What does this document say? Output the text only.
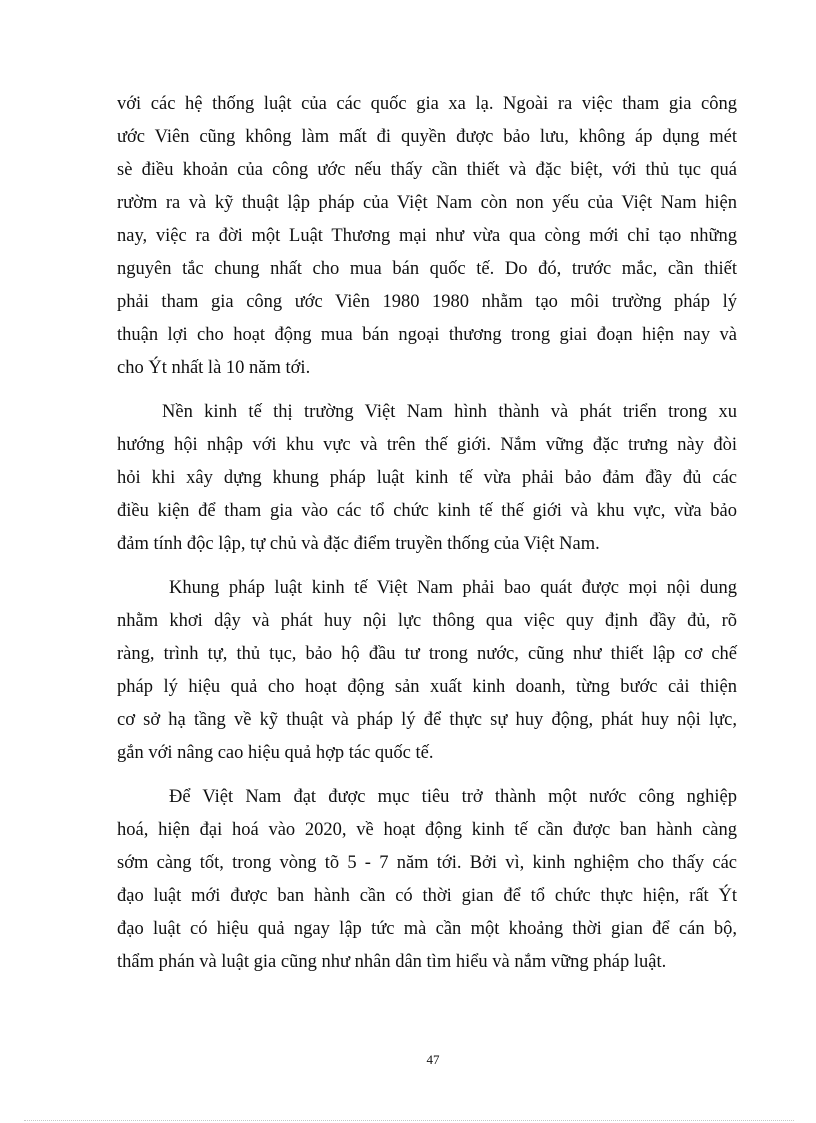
với các hệ thống luật của các quốc gia xa lạ. Ngoài ra việc tham gia công
ước Viên cũng không làm mất đi quyền được bảo lưu, không áp dụng mét
sè điều khoản của công ước nếu thấy cần thiết và đặc biệt, với thủ tục quá
rườm ra và kỹ thuật lập pháp của Việt Nam còn non yếu của Việt Nam hiện
nay, việc ra đời một Luật Thương mại như vừa qua còng mới chỉ tạo những
nguyên tắc chung nhất cho mua bán quốc tế. Do đó, trước mắc, cần thiết
phải tham gia công ước Viên 1980 1980 nhằm tạo môi trường pháp lý
thuận lợi cho hoạt động mua bán ngoại thương trong giai đoạn hiện nay và
cho Ýt nhất là 10 năm tới.

Nền kinh tế thị trường Việt Nam hình thành và phát triển trong xu
hướng hội nhập với khu vực và trên thế giới. Nắm vững đặc trưng này đòi
hỏi khi xây dựng khung pháp luật kinh tế vừa phải bảo đảm đầy đủ các
điều kiện để tham gia vào các tổ chức kinh tế thế giới và khu vực, vừa bảo
đảm tính độc lập, tự chủ và đặc điểm truyền thống của Việt Nam.

Khung pháp luật kinh tế Việt Nam phải bao quát được mọi nội dung
nhằm khơi dậy và phát huy nội lực thông qua việc quy định đầy đủ, rõ
ràng, trình tự, thủ tục, bảo hộ đầu tư trong nước, cũng như thiết lập cơ chế
pháp lý hiệu quả cho hoạt động sản xuất kinh doanh, từng bước cải thiện
cơ sở hạ tầng về kỹ thuật và pháp lý để thực sự huy động, phát huy nội lực,
gắn với nâng cao hiệu quả hợp tác quốc tế.

Để Việt Nam đạt được mục tiêu trở thành một nước công nghiệp
hoá, hiện đại hoá vào 2020, về hoạt động kinh tế cần được ban hành càng
sớm càng tốt, trong vòng tõ 5 - 7 năm tới. Bởi vì, kinh nghiệm cho thấy các
đạo luật mới được ban hành cần có thời gian để tổ chức thực hiện, rất Ýt
đạo luật có hiệu quả ngay lập tức mà cần một khoảng thời gian để cán bộ,
thẩm phán và luật gia cũng như nhân dân tìm hiểu và nắm vững pháp luật.

47
